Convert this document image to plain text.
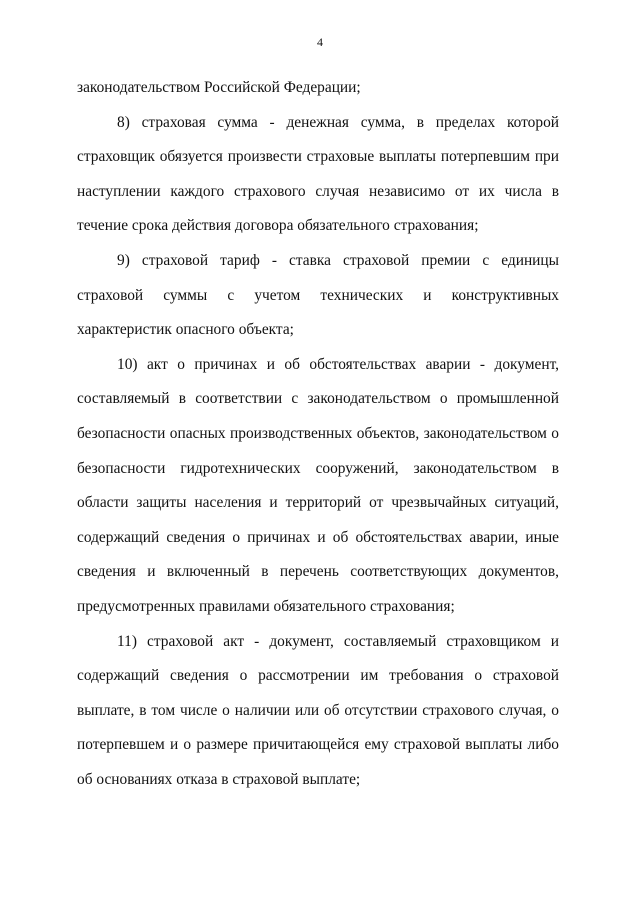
4

законодательством Российской Федерации;

8) страховая сумма - денежная сумма, в пределах которой страховщик обязуется произвести страховые выплаты потерпевшим при наступлении каждого страхового случая независимо от их числа в течение срока действия договора обязательного страхования;

9) страховой тариф - ставка страховой премии с единицы страховой суммы с учетом технических и конструктивных характеристик опасного объекта;

10) акт о причинах и об обстоятельствах аварии - документ, составляемый в соответствии с законодательством о промышленной безопасности опасных производственных объектов, законодательством о безопасности гидротехнических сооружений, законодательством в области защиты населения и территорий от чрезвычайных ситуаций, содержащий сведения о причинах и об обстоятельствах аварии, иные сведения и включенный в перечень соответствующих документов, предусмотренных правилами обязательного страхования;

11) страховой акт - документ, составляемый страховщиком и содержащий сведения о рассмотрении им требования о страховой выплате, в том числе о наличии или об отсутствии страхового случая, о потерпевшем и о размере причитающейся ему страховой выплаты либо об основаниях отказа в страховой выплате;
